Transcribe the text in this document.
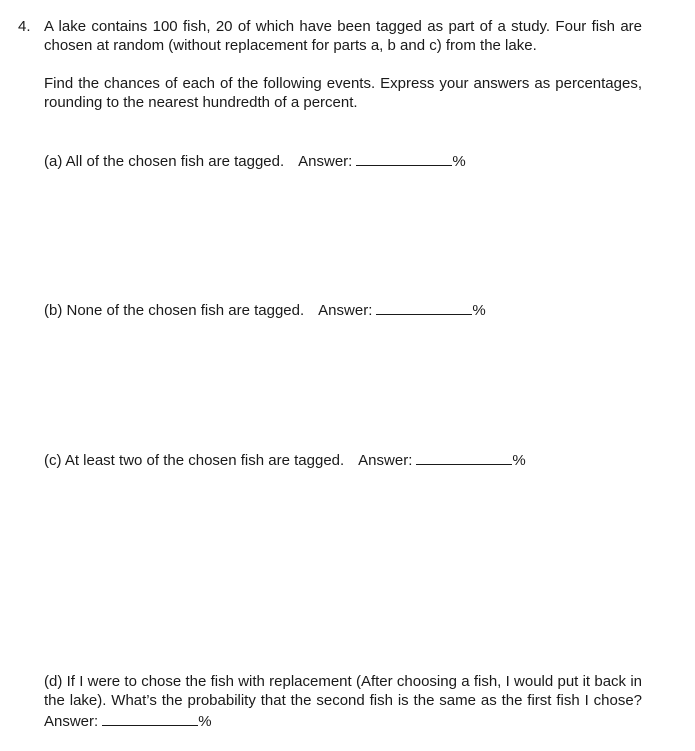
4. A lake contains 100 fish, 20 of which have been tagged as part of a study. Four fish are chosen at random (without replacement for parts a, b and c) from the lake.
Find the chances of each of the following events. Express your answers as percentages, rounding to the nearest hundredth of a percent.
(a) All of the chosen fish are tagged. Answer:	%
(b) None of the chosen fish are tagged. Answer:	%
(c) At least two of the chosen fish are tagged. Answer:	%
(d) If I were to chose the fish with replacement (After choosing a fish, I would put it back in the lake). What’s the probability that the second fish is the same as the first fish I chose? Answer:	%
